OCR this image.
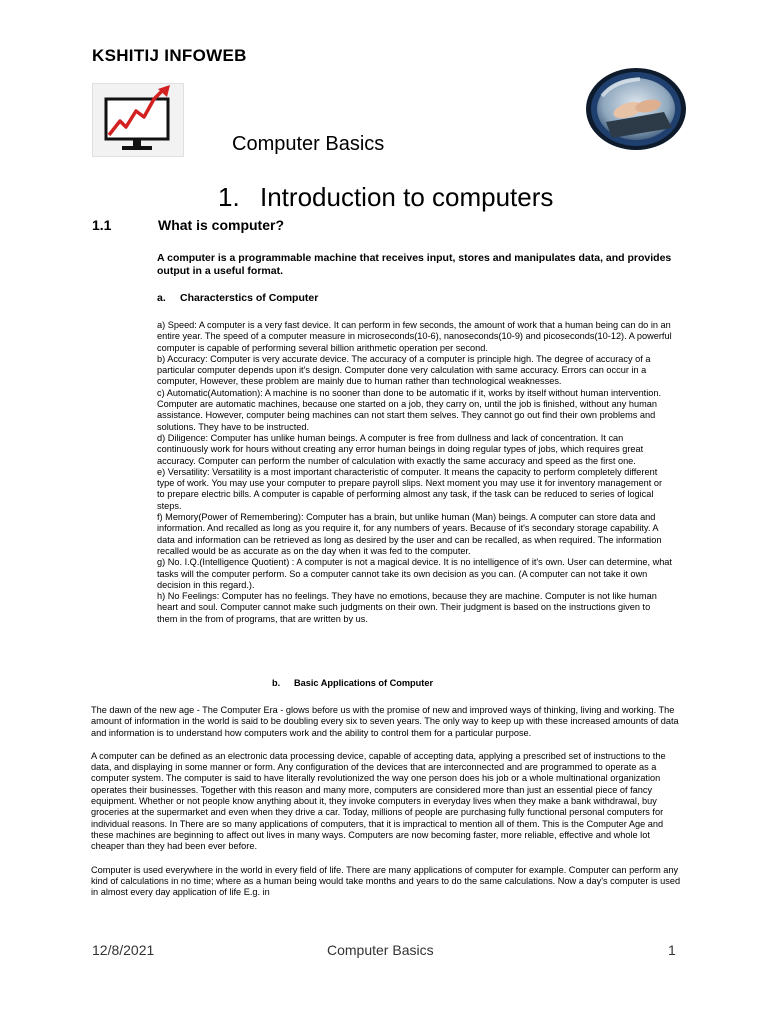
KSHITIJ INFOWEB
Computer Basics
1. Introduction to computers
1.1	What is computer?
A computer is a programmable machine that receives input, stores and manipulates data, and provides output in a useful format.
a. Characterstics of Computer

a) Speed: A computer is a very fast device. It can perform in few seconds, the amount of work that a human being can do in an entire year. The speed of a computer measure in microseconds(10-6), nanoseconds(10-9) and picoseconds(10-12). A powerful computer is capable of performing several billion arithmetic operation per second.

b) Accuracy: Computer is very accurate device. The accuracy of a computer is principle high. The degree of accuracy of a particular computer depends upon it's design. Computer done very calculation with same accuracy. Errors can occur in a computer, However, these problem are mainly due to human rather than technological weaknesses.

c) Automatic(Automation): A machine is no sooner than done to be automatic if it, works by itself without human intervention. Computer are automatic machines, because one started on a job, they carry on, until the job is finished, without any human assistance. However, computer being machines can not start them selves. They cannot go out find their own problems and solutions. They have to be instructed.

d) Diligence: Computer has unlike human beings. A computer is free from dullness and lack of concentration. It can continuously work for hours without creating any error human beings in doing regular types of jobs, which requires great accuracy. Computer can perform the number of calculation with exactly the same accuracy and speed as the first one.

e) Versatility: Versatility is a most important characteristic of computer. It means the capacity to perform completely different type of work. You may use your computer to prepare payroll slips. Next moment you may use it for inventory management or to prepare electric bills. A computer is capable of performing almost any task, if the task can be reduced to series of logical steps.

f) Memory(Power of Remembering): Computer has a brain, but unlike human (Man) beings. A computer can store data and information. And recalled as long as you require it, for any numbers of years. Because of it's secondary storage capability. A data and information can be retrieved as long as desired by the user and can be recalled, as when required. The information recalled would be as accurate as on the day when it was fed to the computer.

g) No. I.Q.(Intelligence Quotient) : A computer is not a magical device. It is no intelligence of it's own. User can determine, what tasks will the computer perform. So a computer cannot take its own decision as you can. (A computer can not take it own decision in this regard.).

h) No Feelings: Computer has no feelings. They have no emotions, because they are machine. Computer is not like human heart and soul. Computer cannot make such judgments on their own. Their judgment is based on the instructions given to them in the from of programs, that are written by us.

b. Basic Applications of Computer

The dawn of the new age - The Computer Era - glows before us with the promise of new and improved ways of thinking, living and working. The amount of information in the world is said to be doubling every six to seven years. The only way to keep up with these increased amounts of data and information is to understand how computers work and the ability to control them for a particular purpose.

A computer can be defined as an electronic data processing device, capable of accepting data, applying a prescribed set of instructions to the data, and displaying in some manner or form. Any configuration of the devices that are interconnected and are programmed to operate as a computer system. The computer is said to have literally revolutionized the way one person does his job or a whole multinational organization operates their businesses. Together with this reason and many more, computers are considered more than just an essential piece of fancy equipment. Whether or not people know anything about it, they invoke computers in everyday lives when they make a bank withdrawal, buy groceries at the supermarket and even when they drive a car. Today, millions of people are purchasing fully functional personal computers for individual reasons. In There are so many applications of computers, that it is impractical to mention all of them. This is the Computer Age and these machines are beginning to affect out lives in many ways. Computers are now becoming faster, more reliable, effective and whole lot cheaper than they had been ever before.

Computer is used everywhere in the world in every field of life. There are many applications of computer for example. Computer can perform any kind of calculations in no time; where as a human being would take months and years to do the same calculations. Now a day's computer is used in almost every day application of life E.g. in

12/8/2021	Computer Basics	1
